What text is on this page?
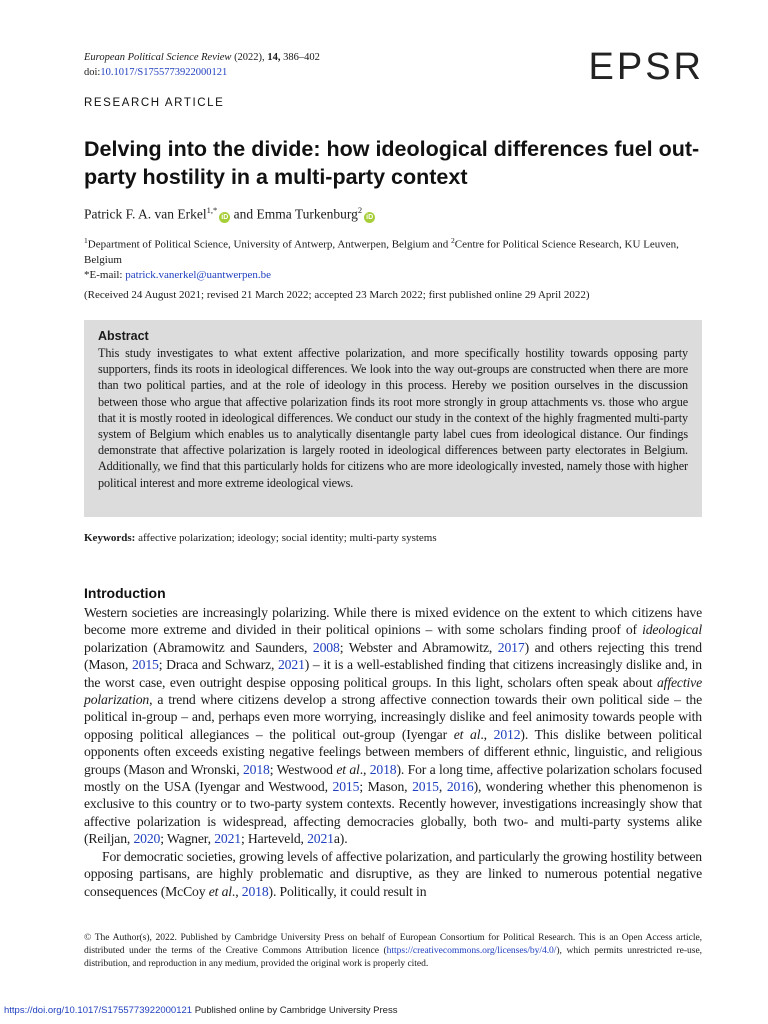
European Political Science Review (2022), 14, 386–402
doi:10.1017/S1755773922000121	EPSR
RESEARCH ARTICLE
Delving into the divide: how ideological differences fuel out-party hostility in a multi-party context
Patrick F. A. van Erkel$^{1,*}$iD and Emma Turkenburg$^2$iD
$^1$Department of Political Science, University of Antwerp, Antwerpen, Belgium and $^2$Centre for Political Science Research, KU Leuven, Belgium
*E-mail: patrick.vanerkel@uantwerpen.be
(Received 24 August 2021; revised 21 March 2022; accepted 23 March 2022; first published online 29 April 2022)
Abstract
This study investigates to what extent affective polarization, and more specifically hostility towards opposing party supporters, finds its roots in ideological differences. We look into the way out-groups are constructed when there are more than two political parties, and at the role of ideology in this process. Hereby we position ourselves in the discussion between those who argue that affective polarization finds its root more strongly in group attachments vs. those who argue that it is mostly rooted in ideological differences. We conduct our study in the context of the highly fragmented multi-party system of Belgium which enables us to analytically disentangle party label cues from ideological distance. Our findings demonstrate that affective polarization is largely rooted in ideological differences between party electorates in Belgium. Additionally, we find that this particularly holds for citizens who are more ideologically invested, namely those with higher political interest and more extreme ideological views.
Keywords: affective polarization; ideology; social identity; multi-party systems
Introduction

Western societies are increasingly polarizing. While there is mixed evidence on the extent to which citizens have become more extreme and divided in their political opinions – with some scholars finding proof of ideological polarization (Abramowitz and Saunders, 2008; Webster and Abramowitz, 2017) and others rejecting this trend (Mason, 2015; Draca and Schwarz, 2021) – it is a well-established finding that citizens increasingly dislike and, in the worst case, even outright despise opposing political groups. In this light, scholars often speak about affective polarization, a trend where citizens develop a strong affective connection towards their own political side – the political in-group – and, perhaps even more worrying, increasingly dislike and feel animosity towards people with opposing political allegiances – the political out-group (Iyengar et al., 2012). This dislike between political opponents often exceeds existing negative feelings between members of different ethnic, linguistic, and religious groups (Mason and Wronski, 2018; Westwood et al., 2018). For a long time, affective polarization scholars focused mostly on the USA (Iyengar and Westwood, 2015; Mason, 2015, 2016), wondering whether this phenomenon is exclusive to this country or to two-party system contexts. Recently however, investigations increasingly show that affective polarization is widespread, affecting democracies globally, both two- and multi-party systems alike (Reiljan, 2020; Wagner, 2021; Harteveld, 2021a).

For democratic societies, growing levels of affective polarization, and particularly the growing hostility between opposing partisans, are highly problematic and disruptive, as they are linked to numerous potential negative consequences (McCoy et al., 2018). Politically, it could result in

© The Author(s), 2022. Published by Cambridge University Press on behalf of European Consortium for Political Research. This is an Open Access article, distributed under the terms of the Creative Commons Attribution licence (https://creativecommons.org/licenses/by/4.0/), which permits unrestricted re-use, distribution, and reproduction in any medium, provided the original work is properly cited.
https://doi.org/10.1017/S1755773922000121 Published online by Cambridge University Press
